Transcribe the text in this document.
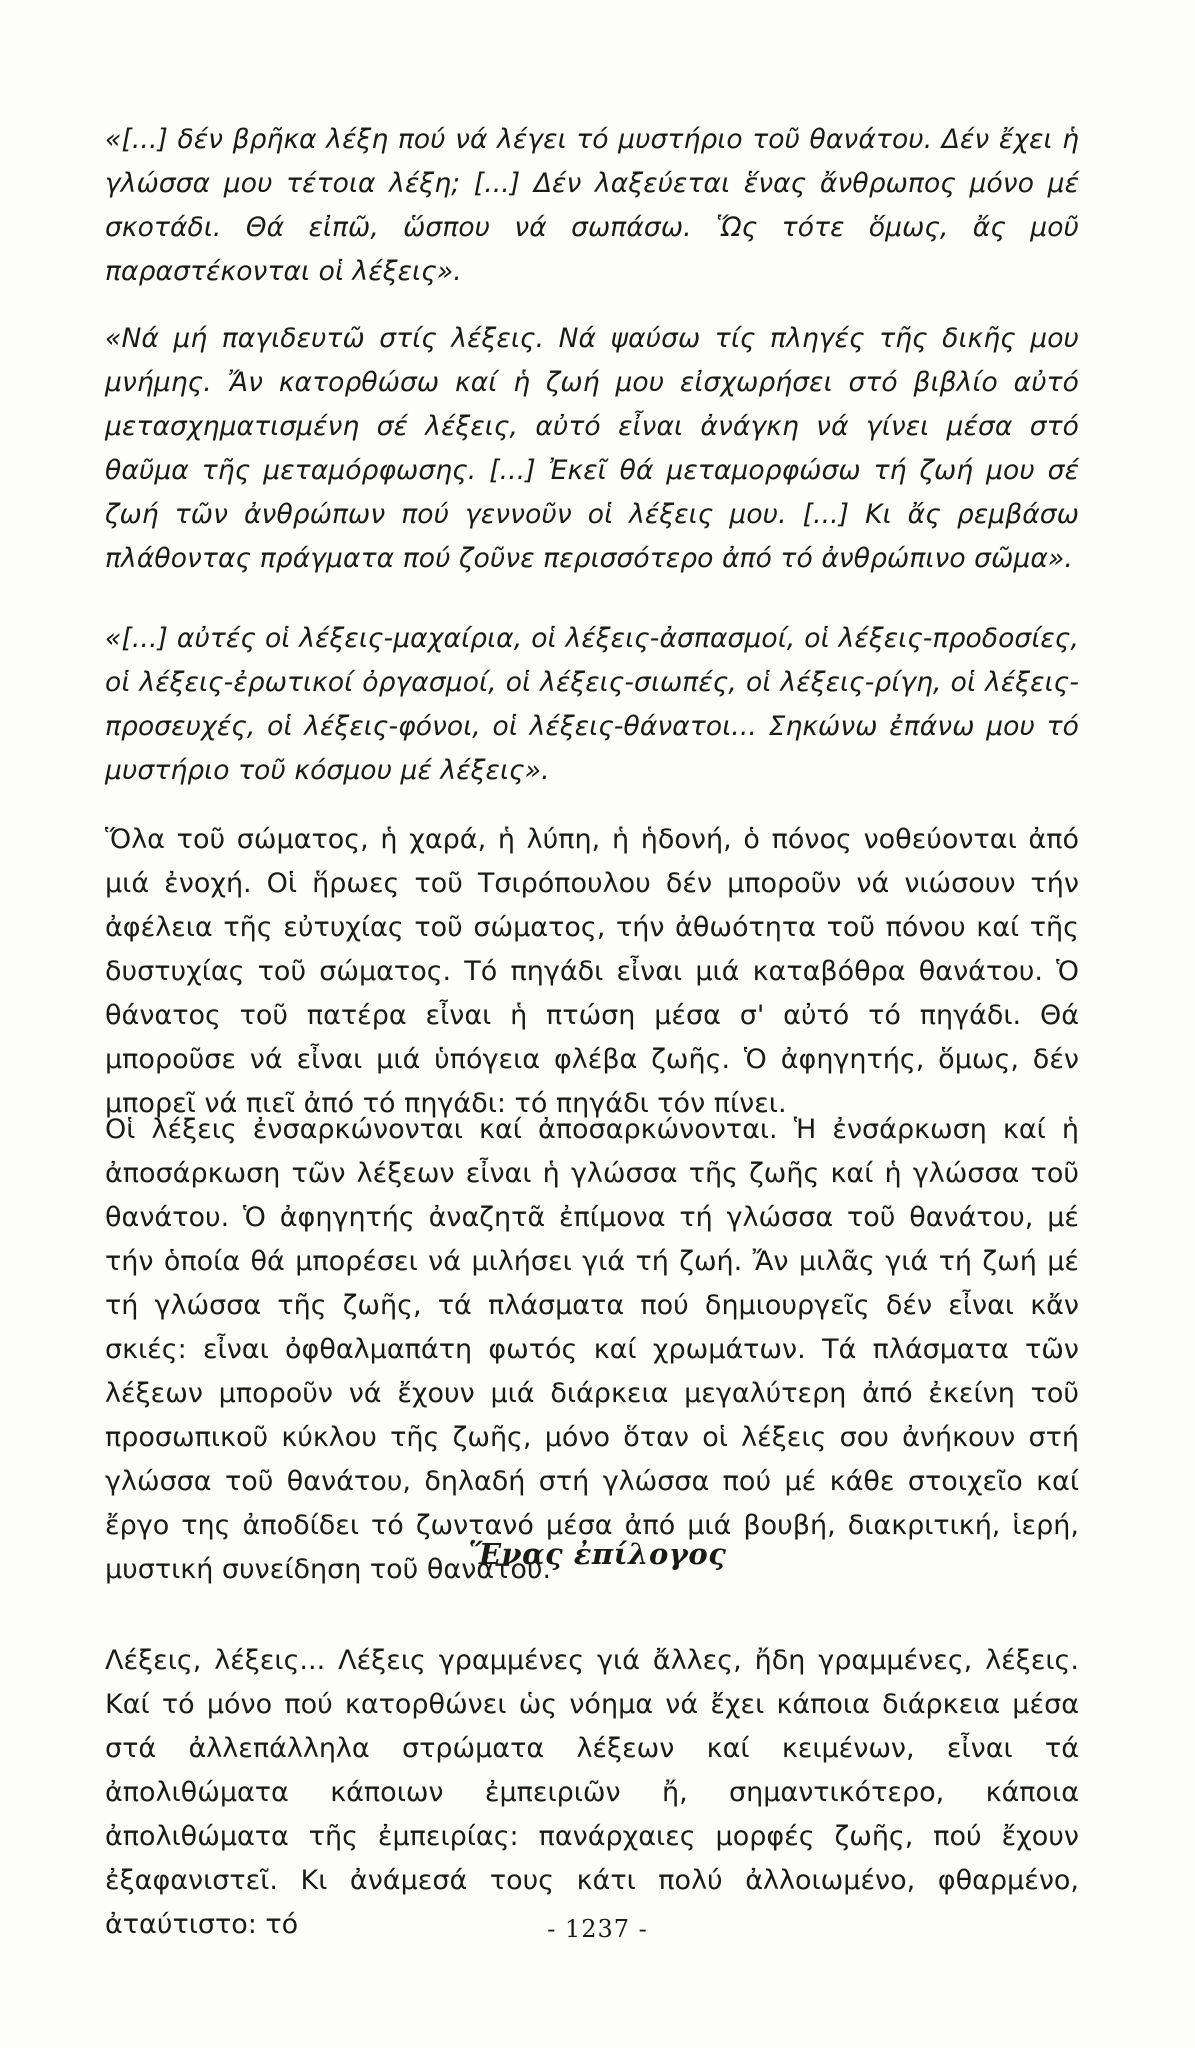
«[...] δέν βρῆκα λέξη πού νά λέγει τό μυστήριο τοῦ θανάτου. Δέν ἔχει ἡ γλώσσα μου τέτοια λέξη; [...] Δέν λαξεύεται ἕνας ἄνθρωπος μόνο μέ σκοτάδι. Θά εἰπῶ, ὥσπου νά σωπάσω. Ὥς τότε ὅμως, ἄς μοῦ παραστέκονται οἱ λέξεις».

«Νά μή παγιδευτῶ στίς λέξεις. Νά ψαύσω τίς πληγές τῆς δικῆς μου μνήμης. Ἄν κατορθώσω καί ἡ ζωή μου εἰσχωρήσει στό βιβλίο αὐτό μετασχηματισμένη σέ λέξεις, αὐτό εἶναι ἀνάγκη νά γίνει μέσα στό θαῦμα τῆς μεταμόρφωσης. [...] Ἐκεῖ θά μεταμορφώσω τή ζωή μου σέ ζωή τῶν ἀνθρώπων πού γεννοῦν οἱ λέξεις μου. [...] Κι ἄς ρεμβάσω πλάθοντας πράγματα πού ζοῦνε περισσότερο ἀπό τό ἀνθρώπινο σῶμα».

«[...] αὐτές οἱ λέξεις-μαχαίρια, οἱ λέξεις-ἀσπασμοί, οἱ λέξεις-προδοσίες, οἱ λέξεις-ἐρωτικοί ὀργασμοί, οἱ λέξεις-σιωπές, οἱ λέξεις-ρίγη, οἱ λέξεις-προσευχές, οἱ λέξεις-φόνοι, οἱ λέξεις-θάνατοι... Σηκώνω ἐπάνω μου τό μυστήριο τοῦ κόσμου μέ λέξεις».

Ὅλα τοῦ σώματος, ἡ χαρά, ἡ λύπη, ἡ ἡδονή, ὁ πόνος νοθεύονται ἀπό μιά ἐνοχή. Οἱ ἥρωες τοῦ Τσιρόπουλου δέν μποροῦν νά νιώσουν τήν ἀφέλεια τῆς εὐτυχίας τοῦ σώματος, τήν ἀθωότητα τοῦ πόνου καί τῆς δυστυχίας τοῦ σώματος. Τό πηγάδι εἶναι μιά καταβόθρα θανάτου. Ὁ θάνατος τοῦ πατέρα εἶναι ἡ πτώση μέσα σ' αὐτό τό πηγάδι. Θά μποροῦσε νά εἶναι μιά ὑπόγεια φλέβα ζωῆς. Ὁ ἀφηγητής, ὅμως, δέν μπορεῖ νά πιεῖ ἀπό τό πηγάδι: τό πηγάδι τόν πίνει.

Οἱ λέξεις ἐνσαρκώνονται καί ἀποσαρκώνονται. Ἡ ἐνσάρκωση καί ἡ ἀποσάρκωση τῶν λέξεων εἶναι ἡ γλώσσα τῆς ζωῆς καί ἡ γλώσσα τοῦ θανάτου. Ὁ ἀφηγητής ἀναζητᾶ ἐπίμονα τή γλώσσα τοῦ θανάτου, μέ τήν ὁποία θά μπορέσει νά μιλήσει γιά τή ζωή. Ἄν μιλᾶς γιά τή ζωή μέ τή γλώσσα τῆς ζωῆς, τά πλάσματα πού δημιουργεῖς δέν εἶναι κἄν σκιές: εἶναι ὀφθαλμαπάτη φωτός καί χρωμάτων. Τά πλάσματα τῶν λέξεων μποροῦν νά ἔχουν μιά διάρκεια μεγαλύτερη ἀπό ἐκείνη τοῦ προσωπικοῦ κύκλου τῆς ζωῆς, μόνο ὅταν οἱ λέξεις σου ἀνήκουν στή γλώσσα τοῦ θανάτου, δηλαδή στή γλώσσα πού μέ κάθε στοιχεῖο καί ἔργο της ἀποδίδει τό ζωντανό μέσα ἀπό μιά βουβή, διακριτική, ἱερή, μυστική συνείδηση τοῦ θανάτου.

Ἕνας ἐπίλογος

Λέξεις, λέξεις... Λέξεις γραμμένες γιά ἄλλες, ἤδη γραμμένες, λέξεις. Καί τό μόνο πού κατορθώνει ὡς νόημα νά ἔχει κάποια διάρκεια μέσα στά ἀλλεπάλληλα στρώματα λέξεων καί κειμένων, εἶναι τά ἀπολιθώματα κάποιων ἐμπειριῶν ἤ, σημαντικότερο, κάποια ἀπολιθώματα τῆς ἐμπειρίας: πανάρχαιες μορφές ζωῆς, πού ἔχουν ἐξαφανιστεῖ. Κι ἀνάμεσά τους κάτι πολύ ἀλλοιωμένο, φθαρμένο, ἀταύτιστο: τό	- 1237 -
